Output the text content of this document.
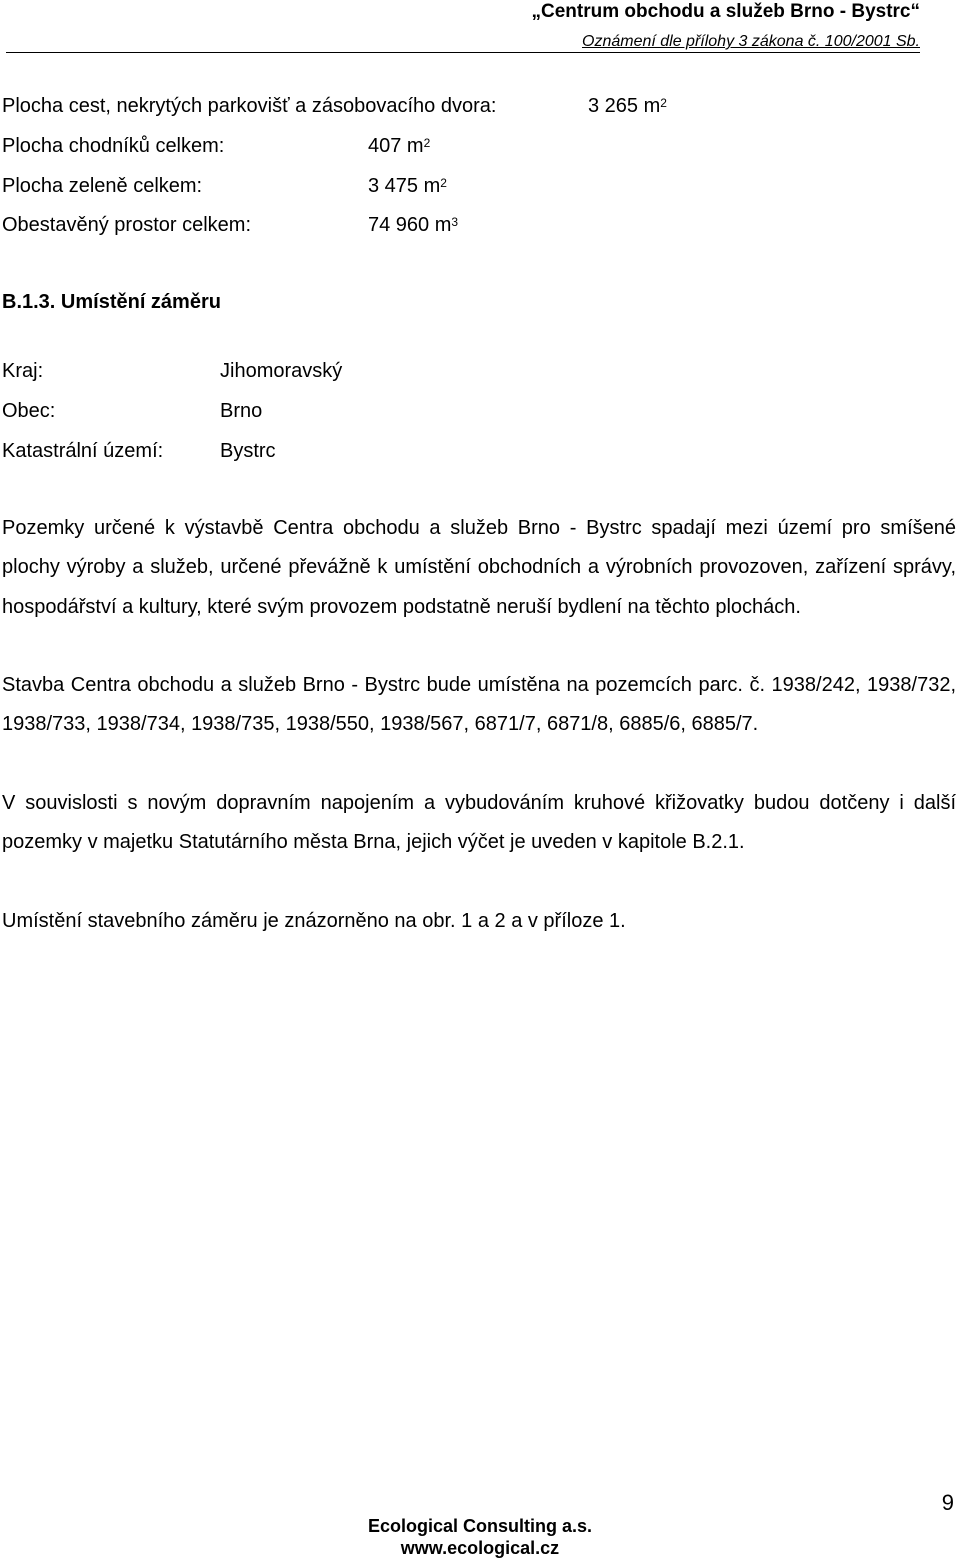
„Centrum obchodu a služeb Brno - Bystrc“
Oznámení dle přílohy 3 zákona č. 100/2001 Sb.
Plocha cest, nekrytých parkovišť a zásobovacího dvora:	3 265 $m^2$
Plocha chodníků celkem:	407 $m^2$
Plocha zeleně celkem:	3 475 $m^2$
Obestavěný prostor celkem:	74 960 $m^3$
B.1.3. Umístění záměru
Kraj:	Jihomoravský
Obec:	Brno
Katastrální území:	Bystrc
Pozemky určené k výstavbě Centra obchodu a služeb Brno - Bystrc spadají mezi území pro smíšené plochy výroby a služeb, určené převážně k umístění obchodních a výrobních provozoven, zařízení správy, hospodářství a kultury, které svým provozem podstatně neruší bydlení na těchto plochách.
Stavba Centra obchodu a služeb Brno - Bystrc bude umístěna na pozemcích parc. č. 1938/242, 1938/732, 1938/733, 1938/734, 1938/735, 1938/550, 1938/567, 6871/7, 6871/8, 6885/6, 6885/7.
V souvislosti s novým dopravním napojením a vybudováním kruhové křižovatky budou dotčeny i další pozemky v majetku Statutárního města Brna, jejich výčet je uveden v kapitole B.2.1.
Umístění stavebního záměru je znázorněno na obr. 1 a 2 a v příloze 1.
9
Ecological Consulting a.s.
www.ecological.cz
